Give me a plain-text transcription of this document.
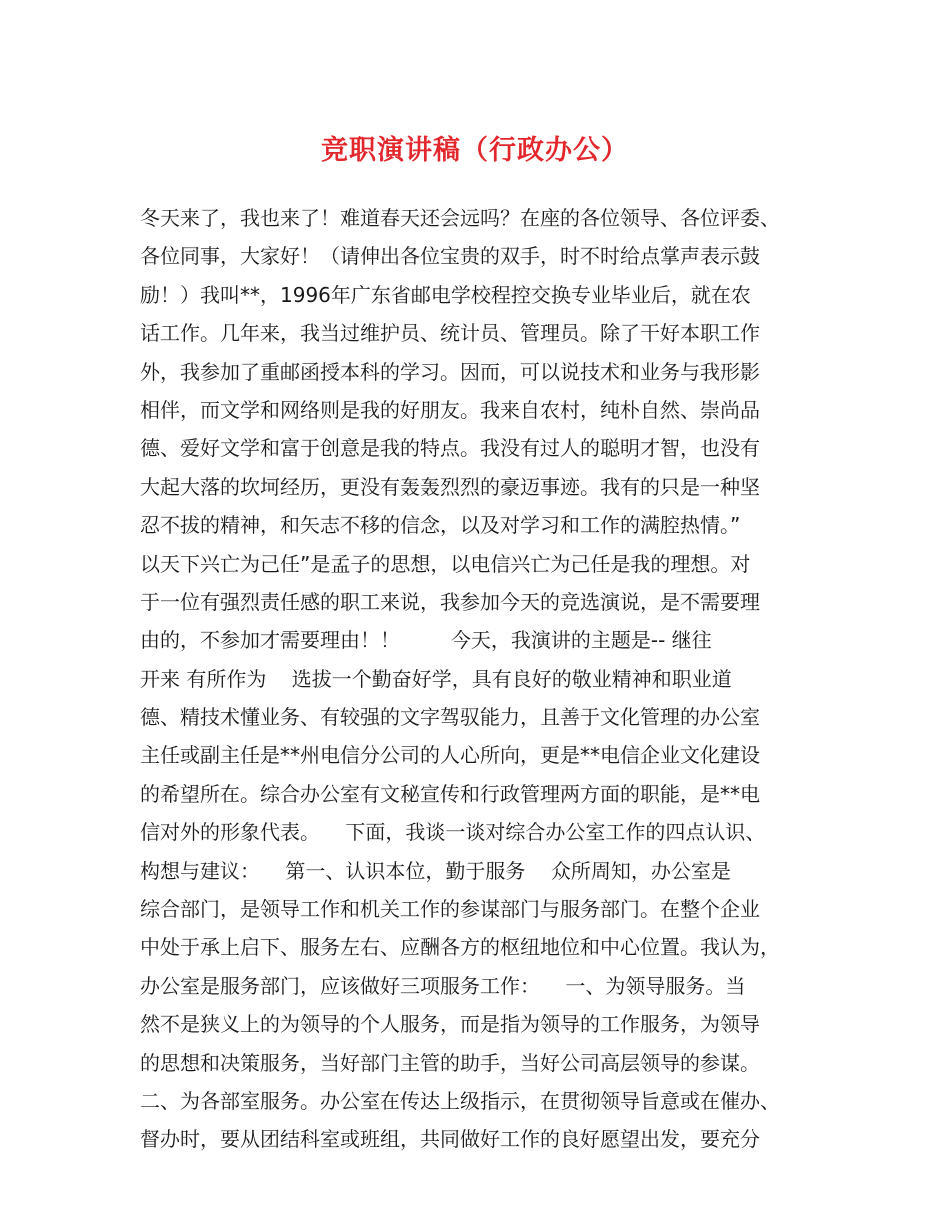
竞职演讲稿（行政办公）
冬天来了，我也来了！难道春天还会远吗？在座的各位领导、各位评委、
各位同事，大家好！（请伸出各位宝贵的双手，时不时给点掌声表示鼓
励！）我叫**，1996年广东省邮电学校程控交换专业毕业后，就在农
话工作。几年来，我当过维护员、统计员、管理员。除了干好本职工作
外，我参加了重邮函授本科的学习。因而，可以说技术和业务与我形影
相伴，而文学和网络则是我的好朋友。我来自农村，纯朴自然、崇尚品
德、爱好文学和富于创意是我的特点。我没有过人的聪明才智，也没有
大起大落的坎坷经历，更没有轰轰烈烈的豪迈事迹。我有的只是一种坚
忍不拔的精神，和矢志不移的信念，以及对学习和工作的满腔热情。”
以天下兴亡为己任”是孟子的思想，以电信兴亡为己任是我的理想。对
于一位有强烈责任感的职工来说，我参加今天的竞选演说，是不需要理
由的，不参加才需要理由！！        今天，我演讲的主题是-- 继往
开来 有所作为    选拔一个勤奋好学，具有良好的敬业精神和职业道
德、精技术懂业务、有较强的文字驾驭能力，且善于文化管理的办公室
主任或副主任是**州电信分公司的人心所向，更是**电信企业文化建设
的希望所在。综合办公室有文秘宣传和行政管理两方面的职能，是**电
信对外的形象代表。    下面，我谈一谈对综合办公室工作的四点认识、
构想与建议：    第一、认识本位，勤于服务    众所周知，办公室是
综合部门，是领导工作和机关工作的参谋部门与服务部门。在整个企业
中处于承上启下、服务左右、应酬各方的枢纽地位和中心位置。我认为，
办公室是服务部门，应该做好三项服务工作：    一、为领导服务。当
然不是狭义上的为领导的个人服务，而是指为领导的工作服务，为领导
的思想和决策服务，当好部门主管的助手，当好公司高层领导的参谋。
二、为各部室服务。办公室在传达上级指示，在贯彻领导旨意或在催办、
督办时，要从团结科室或班组，共同做好工作的良好愿望出发，要充分
